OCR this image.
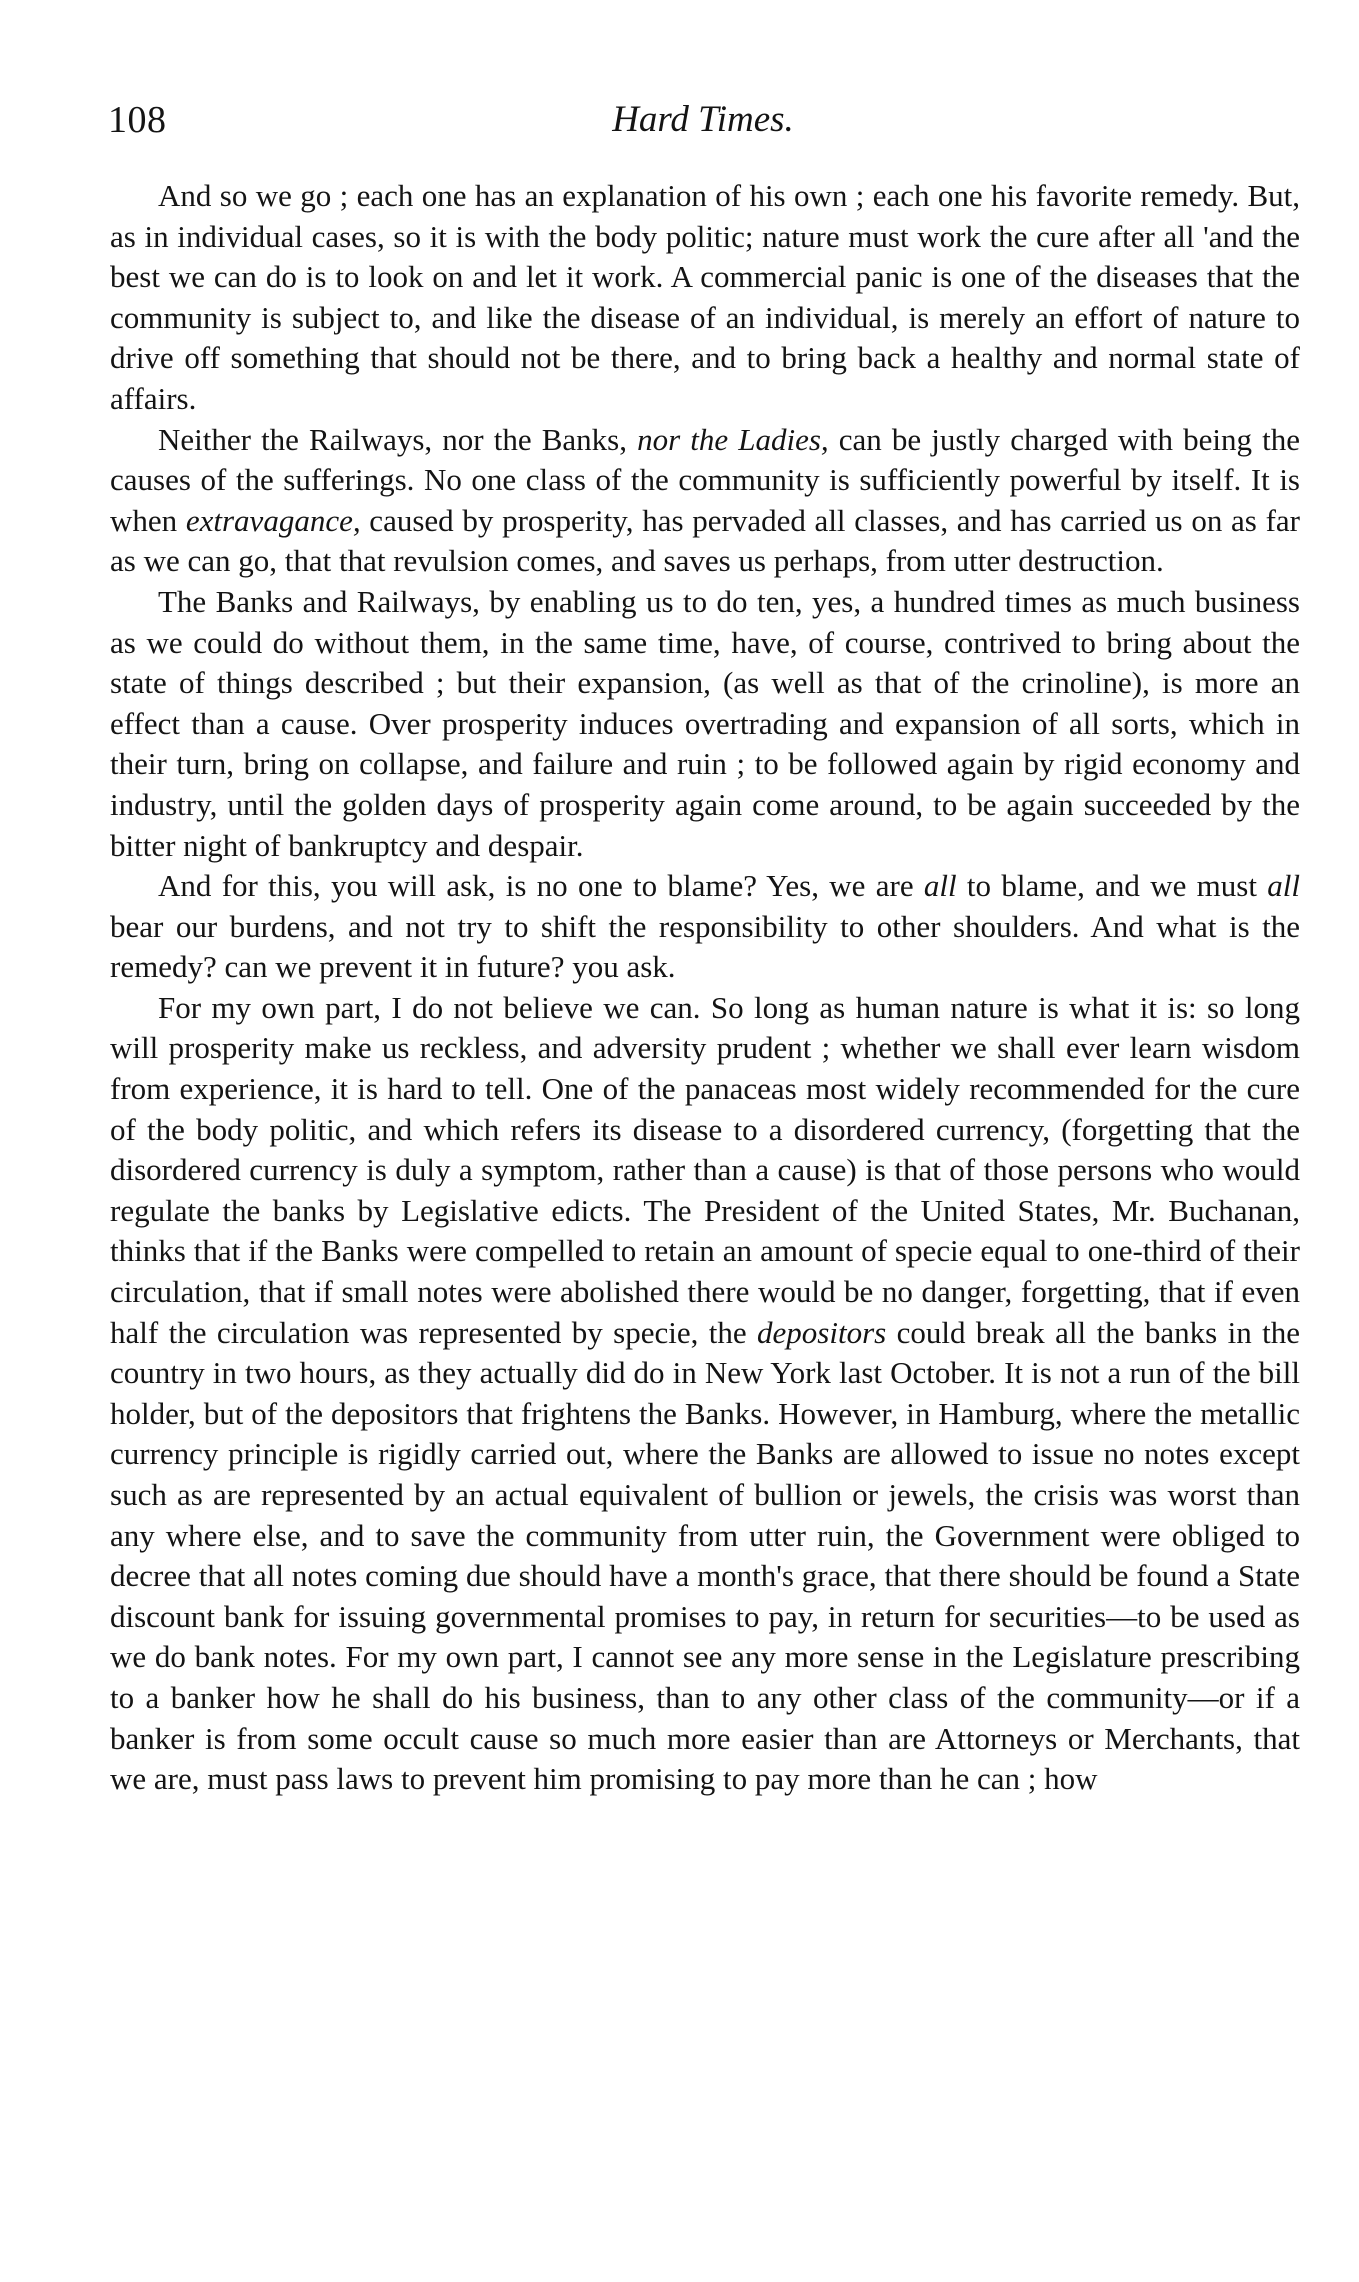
108	Hard Times.

And so we go ; each one has an explanation of his own ; each one his favorite remedy. But, as in individual cases, so it is with the body politic; nature must work the cure after all 'and the best we can do is to look on and let it work. A commercial panic is one of the diseases that the community is subject to, and like the disease of an individual, is merely an effort of nature to drive off something that should not be there, and to bring back a healthy and normal state of affairs.

Neither the Railways, nor the Banks, nor the Ladies, can be justly charged with being the causes of the sufferings. No one class of the community is sufficiently powerful by itself. It is when extravagance, caused by prosperity, has pervaded all classes, and has carried us on as far as we can go, that that revulsion comes, and saves us perhaps, from utter destruction.

The Banks and Railways, by enabling us to do ten, yes, a hundred times as much business as we could do without them, in the same time, have, of course, contrived to bring about the state of things described ; but their expansion, (as well as that of the crinoline), is more an effect than a cause. Over prosperity induces overtrading and expansion of all sorts, which in their turn, bring on collapse, and failure and ruin ; to be followed again by rigid economy and industry, until the golden days of prosperity again come around, to be again succeeded by the bitter night of bankruptcy and despair.

And for this, you will ask, is no one to blame? Yes, we are all to blame, and we must all bear our burdens, and not try to shift the responsibility to other shoulders. And what is the remedy? can we prevent it in future? you ask.

For my own part, I do not believe we can. So long as human nature is what it is: so long will prosperity make us reckless, and adversity prudent ; whether we shall ever learn wisdom from experience, it is hard to tell. One of the panaceas most widely recommended for the cure of the body politic, and which refers its disease to a disordered currency, (forgetting that the disordered currency is duly a symptom, rather than a cause) is that of those persons who would regulate the banks by Legislative edicts. The President of the United States, Mr. Buchanan, thinks that if the Banks were compelled to retain an amount of specie equal to one-third of their circulation, that if small notes were abolished there would be no danger, forgetting, that if even half the circulation was represented by specie, the depositors could break all the banks in the country in two hours, as they actually did do in New York last October. It is not a run of the bill holder, but of the depositors that frightens the Banks. However, in Hamburg, where the metallic currency principle is rigidly carried out, where the Banks are allowed to issue no notes except such as are represented by an actual equivalent of bullion or jewels, the crisis was worst than any where else, and to save the community from utter ruin, the Government were obliged to decree that all notes coming due should have a month's grace, that there should be found a State discount bank for issuing governmental promises to pay, in return for securities—to be used as we do bank notes. For my own part, I cannot see any more sense in the Legislature prescribing to a banker how he shall do his business, than to any other class of the community—or if a banker is from some occult cause so much more easier than are Attorneys or Merchants, that we are, must pass laws to prevent him promising to pay more than he can ; how
